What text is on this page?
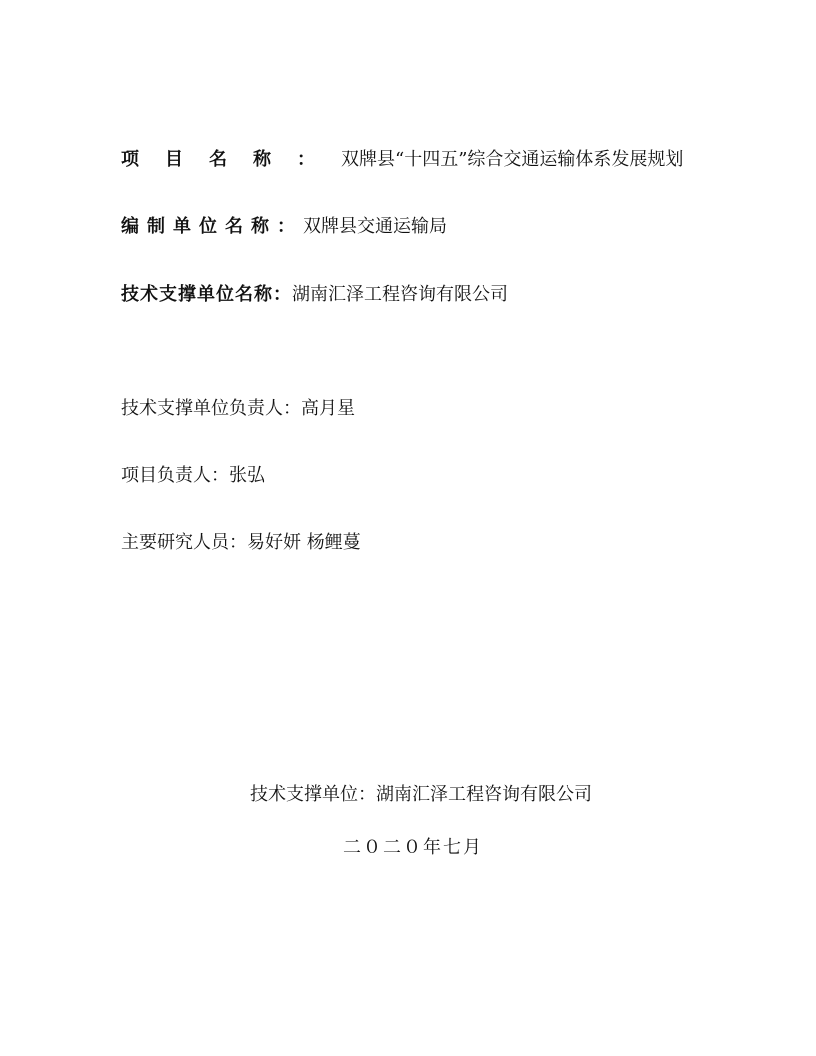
项目名称：双牌县“十四五”综合交通运输体系发展规划
编制单位名称：双牌县交通运输局
技术支撑单位名称：湖南汇泽工程咨询有限公司
技术支撑单位负责人：高月星
项目负责人：张弘
主要研究人员：易好妍 杨鲤蔓
技术支撑单位：湖南汇泽工程咨询有限公司
二０二０年七月
